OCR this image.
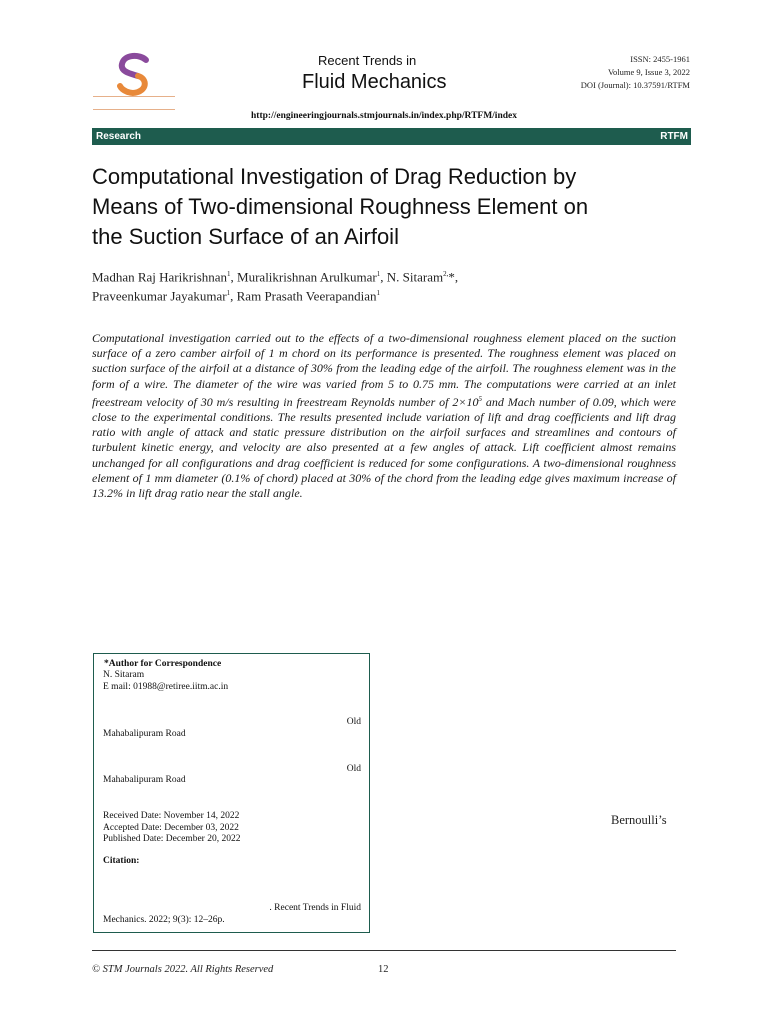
Recent Trends in
Fluid Mechanics
ISSN: 2455-1961
Volume 9, Issue 3, 2022
DOI (Journal): 10.37591/RTFM
http://engineeringjournals.stmjournals.in/index.php/RTFM/index
Research	RTFM
Computational Investigation of Drag Reduction by
Means of Two-dimensional Roughness Element on
the Suction Surface of an Airfoil
Madhan Raj Harikrishnan$^1$, Muralikrishnan Arulkumar$^1$, N. Sitaram$^{2,}$*,
Praveenkumar Jayakumar$^1$, Ram Prasath Veerapandian$^1$

Computational investigation carried out to the effects of a two-dimensional roughness element placed on the suction surface of a zero camber airfoil of 1 m chord on its performance is presented. The roughness element was placed on suction surface of the airfoil at a distance of 30% from the leading edge of the airfoil. The roughness element was in the form of a wire. The diameter of the wire was varied from 5 to 0.75 mm. The computations were carried at an inlet freestream velocity of 30 m/s resulting in freestream Reynolds number of $2\times 10^5$ and Mach number of 0.09, which were close to the experimental conditions. The results presented include variation of lift and drag coefficients and lift drag ratio with angle of attack and static pressure distribution on the airfoil surfaces and streamlines and contours of turbulent kinetic energy, and velocity are also presented at a few angles of attack. Lift coefficient almost remains unchanged for all configurations and drag coefficient is reduced for some configurations. A two-dimensional roughness element of 1 mm diameter (0.1% of chord) placed at 30% of the chord from the leading edge gives maximum increase of 13.2% in lift drag ratio near the stall angle.

*Author for Correspondence
N. Sitaram
E mail: 01988@retiree.iitm.ac.in
Old
Mahabalipuram Road
Old
Mahabalipuram Road
Received Date: November 14, 2022
Accepted Date: December 03, 2022
Published Date: December 20, 2022
Citation:
. Recent Trends in Fluid
Mechanics. 2022; 9(3): 12–26p.
Bernoulli’s
© STM Journals 2022. All Rights Reserved	12
